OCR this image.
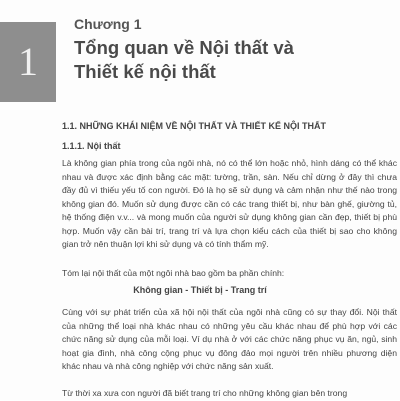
1
Chương 1
Tổng quan về Nội thất và
Thiết kế nội thất
1.1. NHỮNG KHÁI NIỆM VỀ NỘI THẤT VÀ THIẾT KẾ NỘI THẤT
1.1.1. Nội thất

Là không gian phía trong của ngôi nhà, nó có thể lớn hoặc nhỏ, hình dáng có thể khác nhau và được xác định bằng các mặt: tường, trần, sàn. Nếu chỉ dừng ở đây thì chưa đầy đủ vì thiếu yếu tố con người. Đó là họ sẽ sử dụng và cảm nhận như thế nào trong không gian đó. Muốn sử dụng được cần có các trang thiết bị, như bàn ghế, giường tủ, hệ thống điện v.v... và mong muốn của người sử dụng không gian cần đẹp, thiết bị phù hợp. Muốn vậy cần bài trí, trang trí và lựa chọn kiểu cách của thiết bị sao cho không gian trở nên thuận lợi khi sử dụng và có tính thẩm mỹ.

Tóm lại nội thất của một ngôi nhà bao gồm ba phần chính:

Không gian - Thiết bị - Trang trí

Cùng với sự phát triển của xã hội nội thất của ngôi nhà cũng có sự thay đổi. Nội thất của những thể loại nhà khác nhau có những yêu cầu khác nhau để phù hợp với các chức năng sử dụng của mỗi loại. Ví dụ nhà ở với các chức năng phục vụ ăn, ngủ, sinh hoạt gia đình, nhà công cộng phục vụ đông đảo mọi người trên nhiều phương diện khác nhau và nhà công nghiệp với chức năng sản xuất.

Từ thời xa xưa con người đã biết trang trí cho những không gian bên trong
